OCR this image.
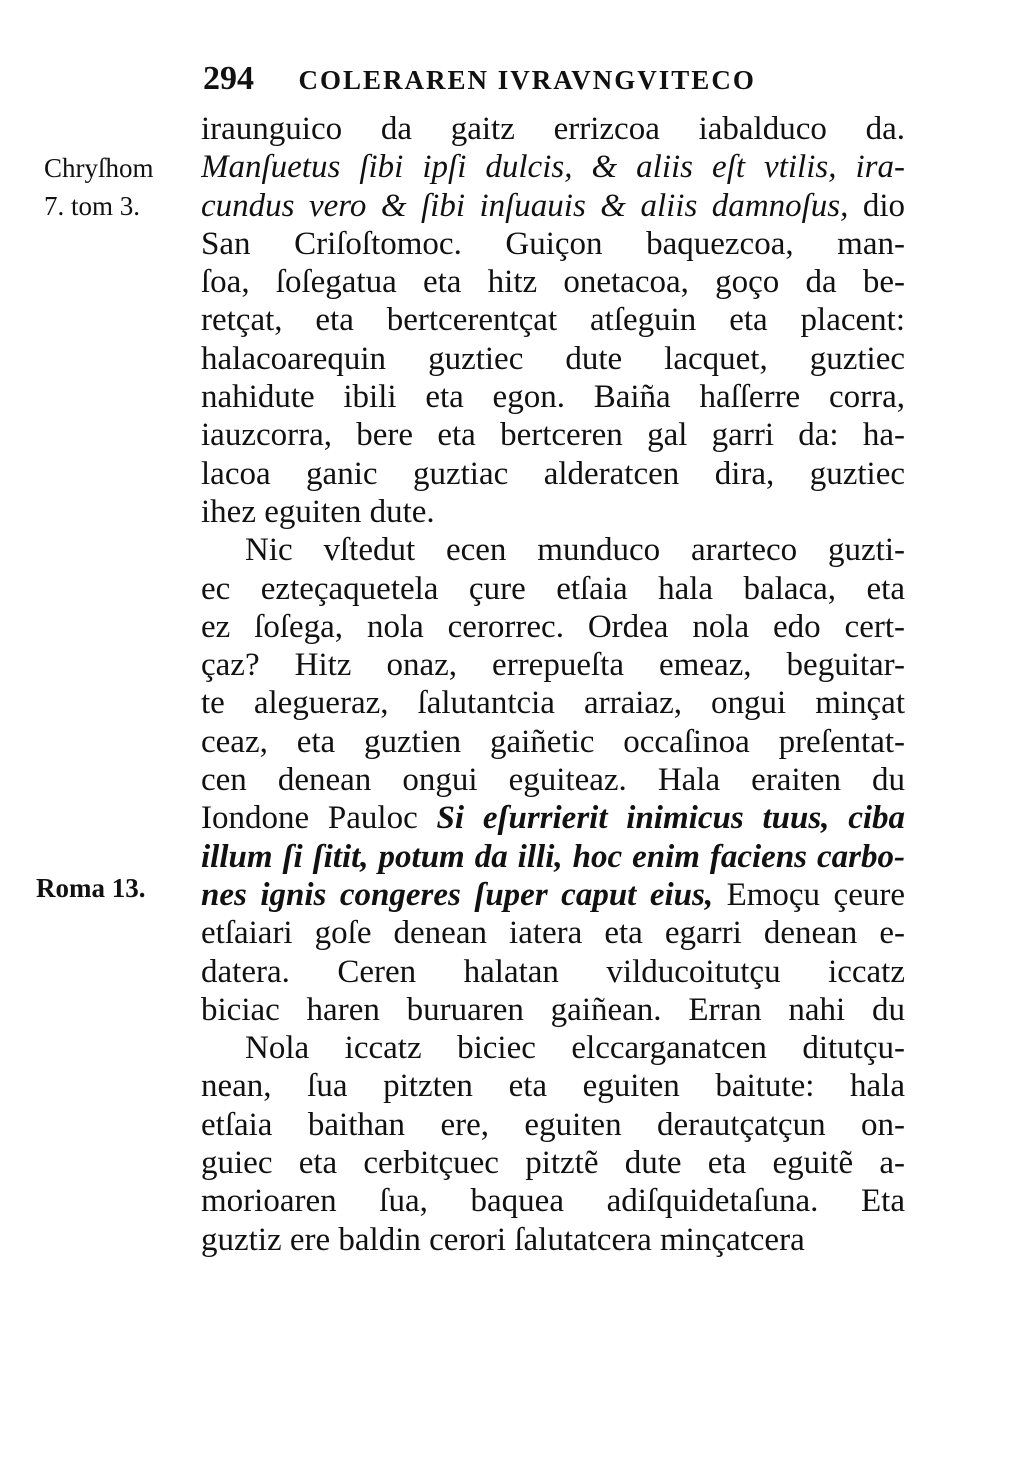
294 COLERAREN IVRAVNGVITECO
Chryſhom
7. tom 3.
Roma 13.
iraunguico da gaitz errizcoa iabalduco da.
Manſuetus ſibi ipſi dulcis, & aliis eſt vtilis, ira-
cundus vero & ſibi inſuauis & aliis damnoſus, dio
San Criſoſtomoc. Guiçon baquezcoa, man-
ſoa, ſoſegatua eta hitz onetacoa, goço da be-
retçat, eta bertcerentçat atſeguin eta placent:
halacoarequin guztiec dute lacquet, guztiec
nahidute ibili eta egon. Baiña haſſerre corra,
iauzcorra, bere eta bertceren gal garri da: ha-
lacoa ganic guztiac alderatcen dira, guztiec
ihez eguiten dute.
Nic vſtedut ecen munduco ararteco guzti-
ec ezteçaquetela çure etſaia hala balaca, eta
ez ſoſega, nola cerorrec. Ordea nola edo cert-
çaz? Hitz onaz, errepueſta emeaz, beguitar-
te alegueraz, ſalutantcia arraiaz, ongui minçat
ceaz, eta guztien gaiñetic occaſinoa preſentat-
cen denean ongui eguiteaz. Hala eraiten du
Iondone Pauloc Si eſurrierit inimicus tuus, ciba
illum ſi ſitit, potum da illi, hoc enim faciens carbo-
nes ignis congeres ſuper caput eius, Emoçu çeure
etſaiari goſe denean iatera eta egarri denean e-
datera. Ceren halatan vilducoitutçu iccatz
biciac haren buruaren gaiñean. Erran nahi du
Nola iccatz biciec elccarganatcen ditutçu-
nean, ſua pitzten eta eguiten baitute: hala
etſaia baithan ere, eguiten derautçatçun on-
guiec eta cerbitçuec pitztẽ dute eta eguitẽ a-
morioaren ſua, baquea adiſquidetaſuna. Eta
guztiz ere baldin cerori ſalutatcera minçatcera
